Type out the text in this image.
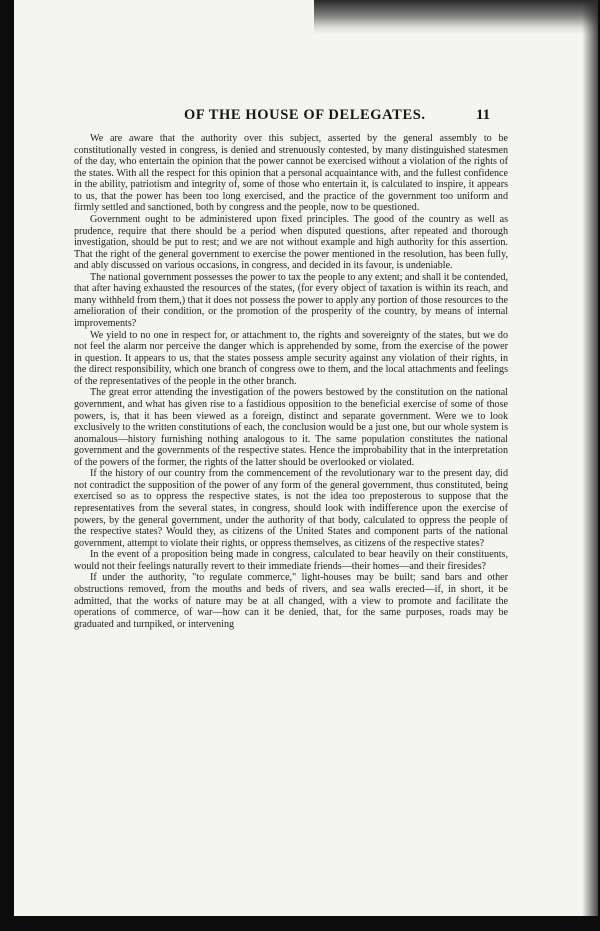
OF THE HOUSE OF DELEGATES.	11

We are aware that the authority over this subject, asserted by the general assembly to be constitutionally vested in congress, is denied and strenuously contested, by many distinguished statesmen of the day, who entertain the opinion that the power cannot be exercised without a violation of the rights of the states. With all the respect for this opinion that a personal acquaintance with, and the fullest confidence in the ability, patriotism and integrity of, some of those who entertain it, is calculated to inspire, it appears to us, that the power has been too long exercised, and the practice of the government too uniform and firmly settled and sanctioned, both by congress and the people, now to be questioned.

Government ought to be administered upon fixed principles. The good of the country as well as prudence, require that there should be a period when disputed questions, after repeated and thorough investigation, should be put to rest; and we are not without example and high authority for this assertion. That the right of the general government to exercise the power mentioned in the resolution, has been fully, and ably discussed on various occasions, in congress, and decided in its favour, is undeniable.

The national government possesses the power to tax the people to any extent; and shall it be contended, that after having exhausted the resources of the states, (for every object of taxation is within its reach, and many withheld from them,) that it does not possess the power to apply any portion of those resources to the amelioration of their condition, or the promotion of the prosperity of the country, by means of internal improvements?

We yield to no one in respect for, or attachment to, the rights and sovereignty of the states, but we do not feel the alarm nor perceive the danger which is apprehended by some, from the exercise of the power in question. It appears to us, that the states possess ample security against any violation of their rights, in the direct responsibility, which one branch of congress owe to them, and the local attachments and feelings of the representatives of the people in the other branch.

The great error attending the investigation of the powers bestowed by the constitution on the national government, and what has given rise to a fastidious opposition to the beneficial exercise of some of those powers, is, that it has been viewed as a foreign, distinct and separate government. Were we to look exclusively to the written constitutions of each, the conclusion would be a just one, but our whole system is anomalous—history furnishing nothing analogous to it. The same population constitutes the national government and the governments of the respective states. Hence the improbability that in the interpretation of the powers of the former, the rights of the latter should be overlooked or violated.

If the history of our country from the commencement of the revolutionary war to the present day, did not contradict the supposition of the power of any form of the general government, thus constituted, being exercised so as to oppress the respective states, is not the idea too preposterous to suppose that the representatives from the several states, in congress, should look with indifference upon the exercise of powers, by the general government, under the authority of that body, calculated to oppress the people of the respective states? Would they, as citizens of the United States and component parts of the national government, attempt to violate their rights, or oppress themselves, as citizens of the respective states?

In the event of a proposition being made in congress, calculated to bear heavily on their constituents, would not their feelings naturally revert to their immediate friends—their homes—and their firesides?

If under the authority, "to regulate commerce," light-houses may be built; sand bars and other obstructions removed, from the mouths and beds of rivers, and sea walls erected—if, in short, it be admitted, that the works of nature may be at all changed, with a view to promote and facilitate the operations of commerce, of war—how can it be denied, that, for the same purposes, roads may be graduated and turnpiked, or intervening
